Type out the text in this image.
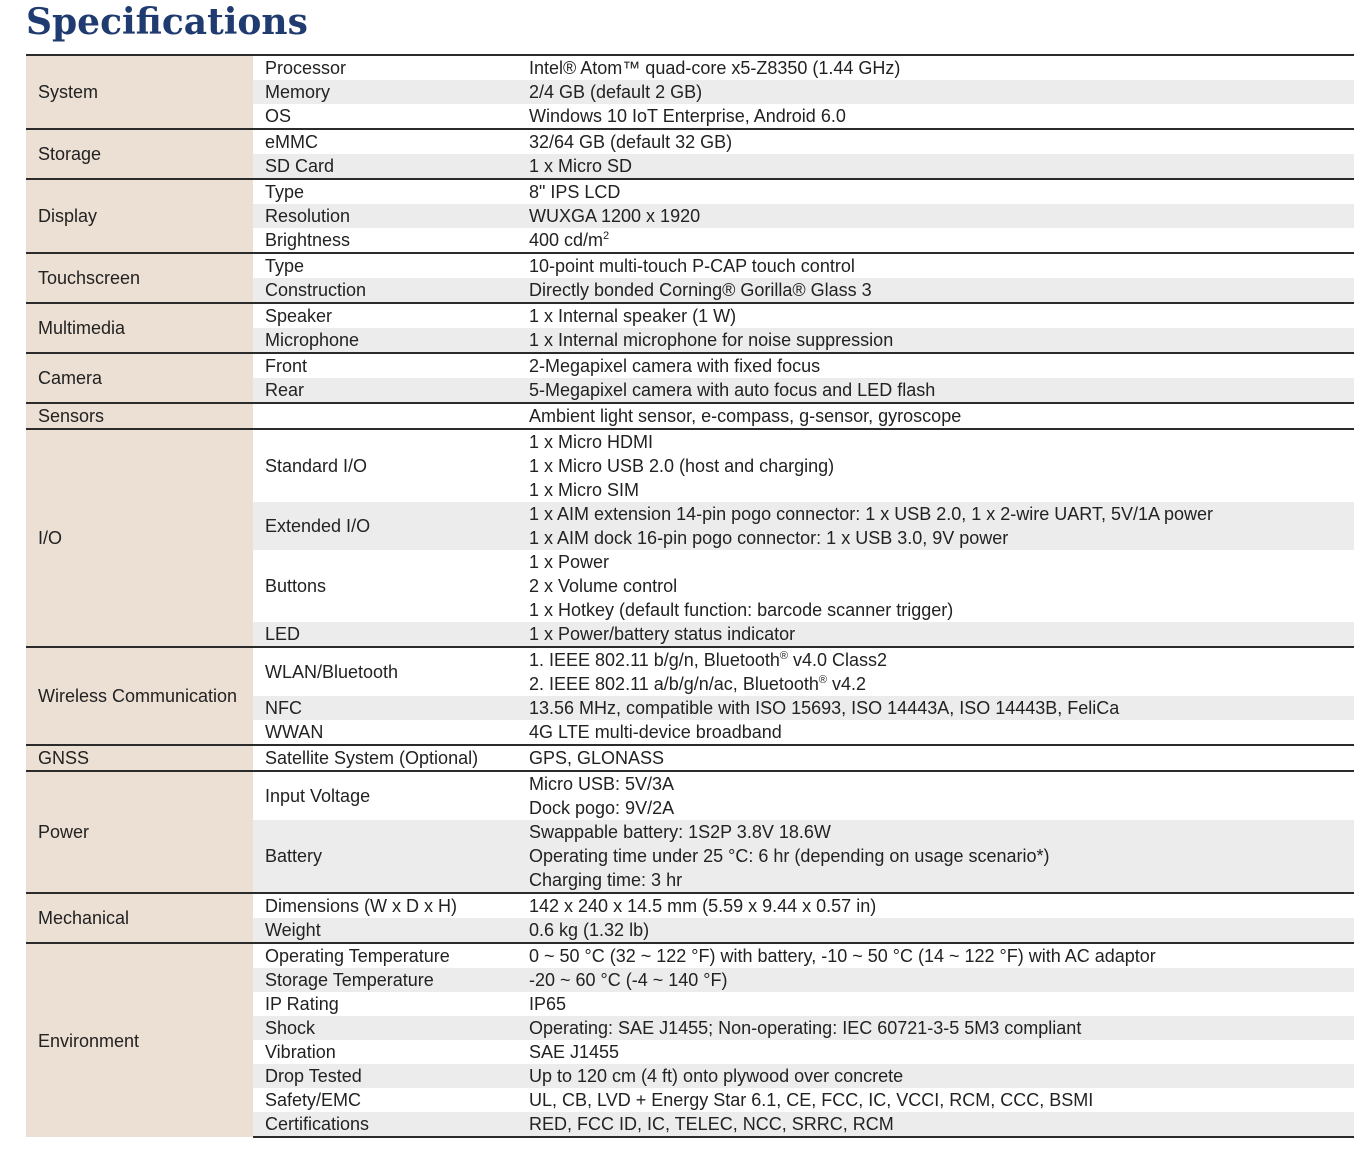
Specifications
System	Processor	Intel® Atom™ quad-core x5-Z8350 (1.44 GHz)
	Memory	2/4 GB (default 2 GB)
	OS	Windows 10 IoT Enterprise, Android 6.0
Storage	eMMC	32/64 GB (default 32 GB)
	SD Card	1 x Micro SD
Display	Type	8" IPS LCD
	Resolution	WUXGA 1200 x 1920
	Brightness	400 $cd/m^2$
Touchscreen	Type	10-point multi-touch P-CAP touch control
	Construction	Directly bonded Corning® Gorilla® Glass 3
Multimedia	Speaker	1 x Internal speaker (1 W)
	Microphone	1 x Internal microphone for noise suppression
Camera	Front	2-Megapixel camera with fixed focus
	Rear	5-Megapixel camera with auto focus and LED flash
Sensors		Ambient light sensor, e-compass, g-sensor, gyroscope
I/O	Standard I/O	1 x Micro HDMI
		1 x Micro USB 2.0 (host and charging)
		1 x Micro SIM
	Extended I/O	1 x AIM extension 14-pin pogo connector: 1 x USB 2.0, 1 x 2-wire UART, 5V/1A power
		1 x AIM dock 16-pin pogo connector: 1 x USB 3.0, 9V power
	Buttons	1 x Power
		2 x Volume control
		1 x Hotkey (default function: barcode scanner trigger)
	LED	1 x Power/battery status indicator
Wireless Communication	WLAN/Bluetooth	1. IEEE 802.11 b/g/n, Bluetooth® v4.0 Class2
		2. IEEE 802.11 a/b/g/n/ac, Bluetooth® v4.2
	NFC	13.56 MHz, compatible with ISO 15693, ISO 14443A, ISO 14443B, FeliCa
	WWAN	4G LTE multi-device broadband
GNSS	Satellite System (Optional)	GPS, GLONASS
Power	Input Voltage	Micro USB: 5V/3A
		Dock pogo: 9V/2A
	Battery	Swappable battery: 1S2P 3.8V 18.6W
		Operating time under 25 °C: 6 hr (depending on usage scenario*)
		Charging time: 3 hr
Mechanical	Dimensions (W x D x H)	142 x 240 x 14.5 mm (5.59 x 9.44 x 0.57 in)
	Weight	0.6 kg (1.32 lb)
Environment	Operating Temperature	0 ~ 50 °C (32 ~ 122 °F) with battery, -10 ~ 50 °C (14 ~ 122 °F) with AC adaptor
	Storage Temperature	-20 ~ 60 °C (-4 ~ 140 °F)
	IP Rating	IP65
	Shock	Operating: SAE J1455; Non-operating: IEC 60721-3-5 5M3 compliant
	Vibration	SAE J1455
	Drop Tested	Up to 120 cm (4 ft) onto plywood over concrete
	Safety/EMC	UL, CB, LVD + Energy Star 6.1, CE, FCC, IC, VCCI, RCM, CCC, BSMI
	Certifications	RED, FCC ID, IC, TELEC, NCC, SRRC, RCM
